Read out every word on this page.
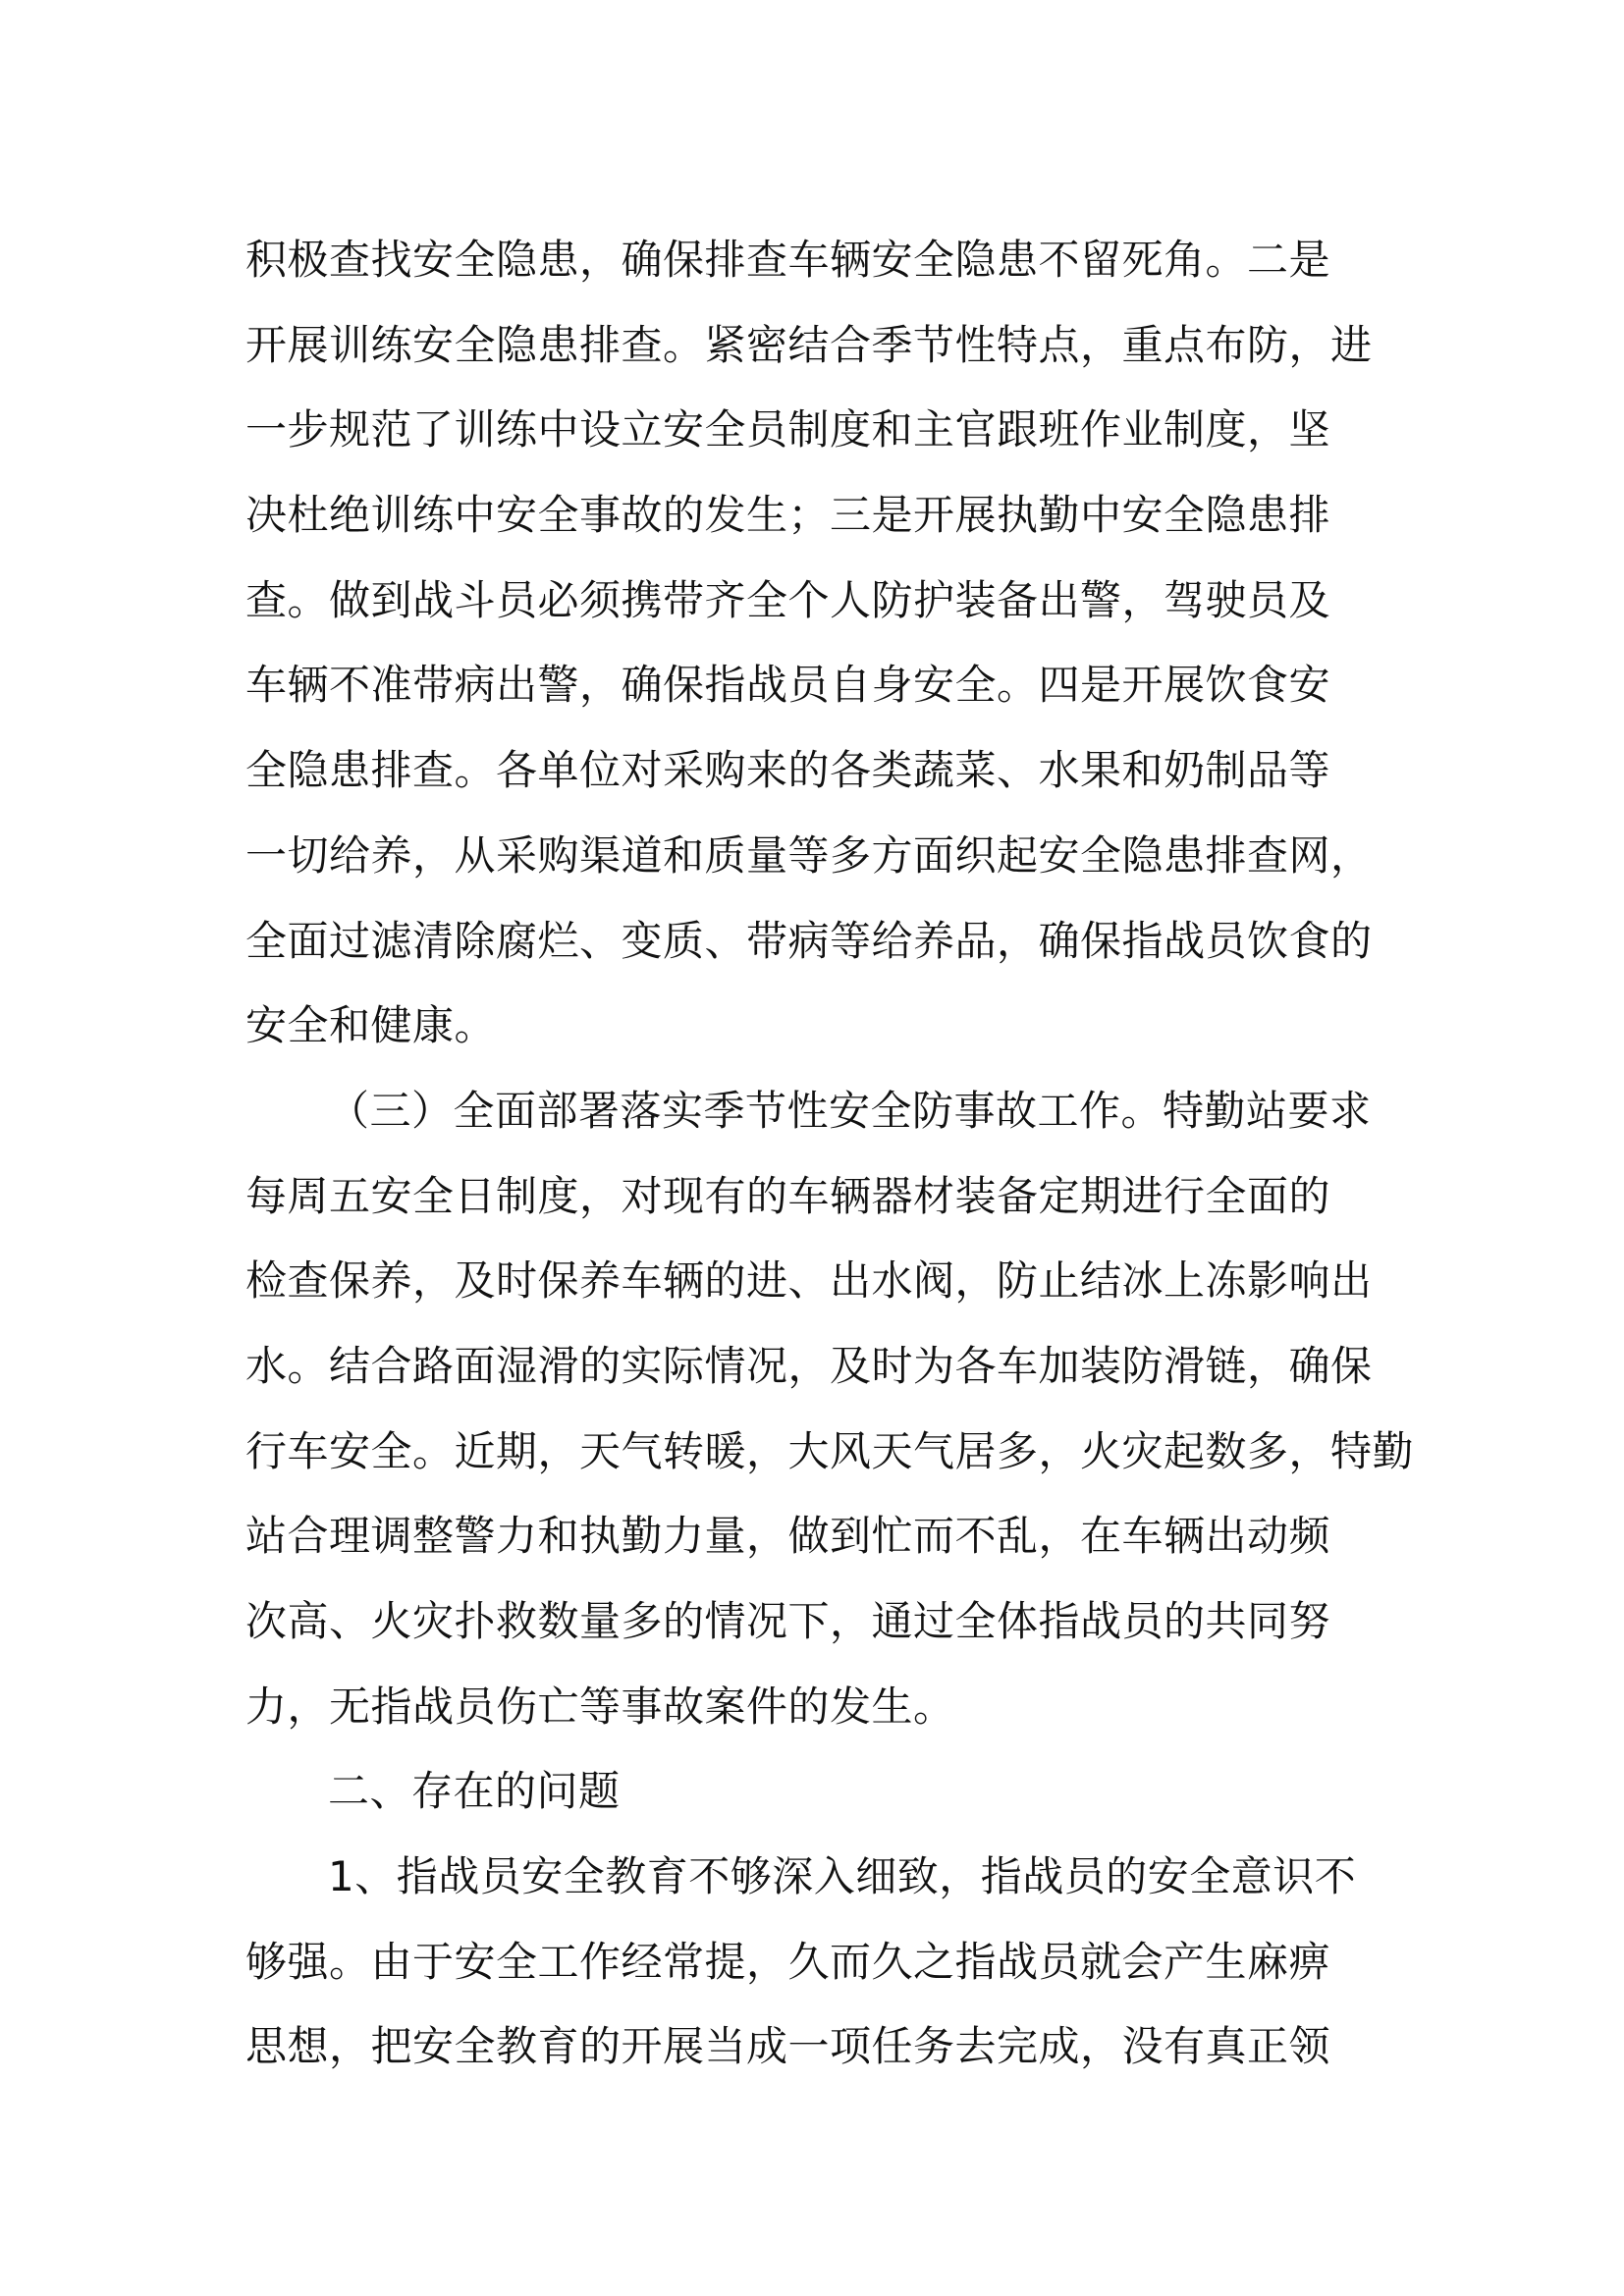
积极查找安全隐患，确保排查车辆安全隐患不留死角。二是
开展训练安全隐患排查。紧密结合季节性特点，重点布防，进
一步规范了训练中设立安全员制度和主官跟班作业制度，坚
决杜绝训练中安全事故的发生；三是开展执勤中安全隐患排
查。做到战斗员必须携带齐全个人防护装备出警，驾驶员及
车辆不准带病出警，确保指战员自身安全。四是开展饮食安
全隐患排查。各单位对采购来的各类蔬菜、水果和奶制品等
一切给养，从采购渠道和质量等多方面织起安全隐患排查网，
全面过滤清除腐烂、变质、带病等给养品，确保指战员饮食的
安全和健康。
（三）全面部署落实季节性安全防事故工作。特勤站要求
每周五安全日制度，对现有的车辆器材装备定期进行全面的
检查保养，及时保养车辆的进、出水阀，防止结冰上冻影响出
水。结合路面湿滑的实际情况，及时为各车加装防滑链，确保
行车安全。近期，天气转暖，大风天气居多，火灾起数多，特勤
站合理调整警力和执勤力量，做到忙而不乱，在车辆出动频
次高、火灾扑救数量多的情况下，通过全体指战员的共同努
力，无指战员伤亡等事故案件的发生。
二、存在的问题
1、指战员安全教育不够深入细致，指战员的安全意识不
够强。由于安全工作经常提，久而久之指战员就会产生麻痹
思想，把安全教育的开展当成一项任务去完成，没有真正领
